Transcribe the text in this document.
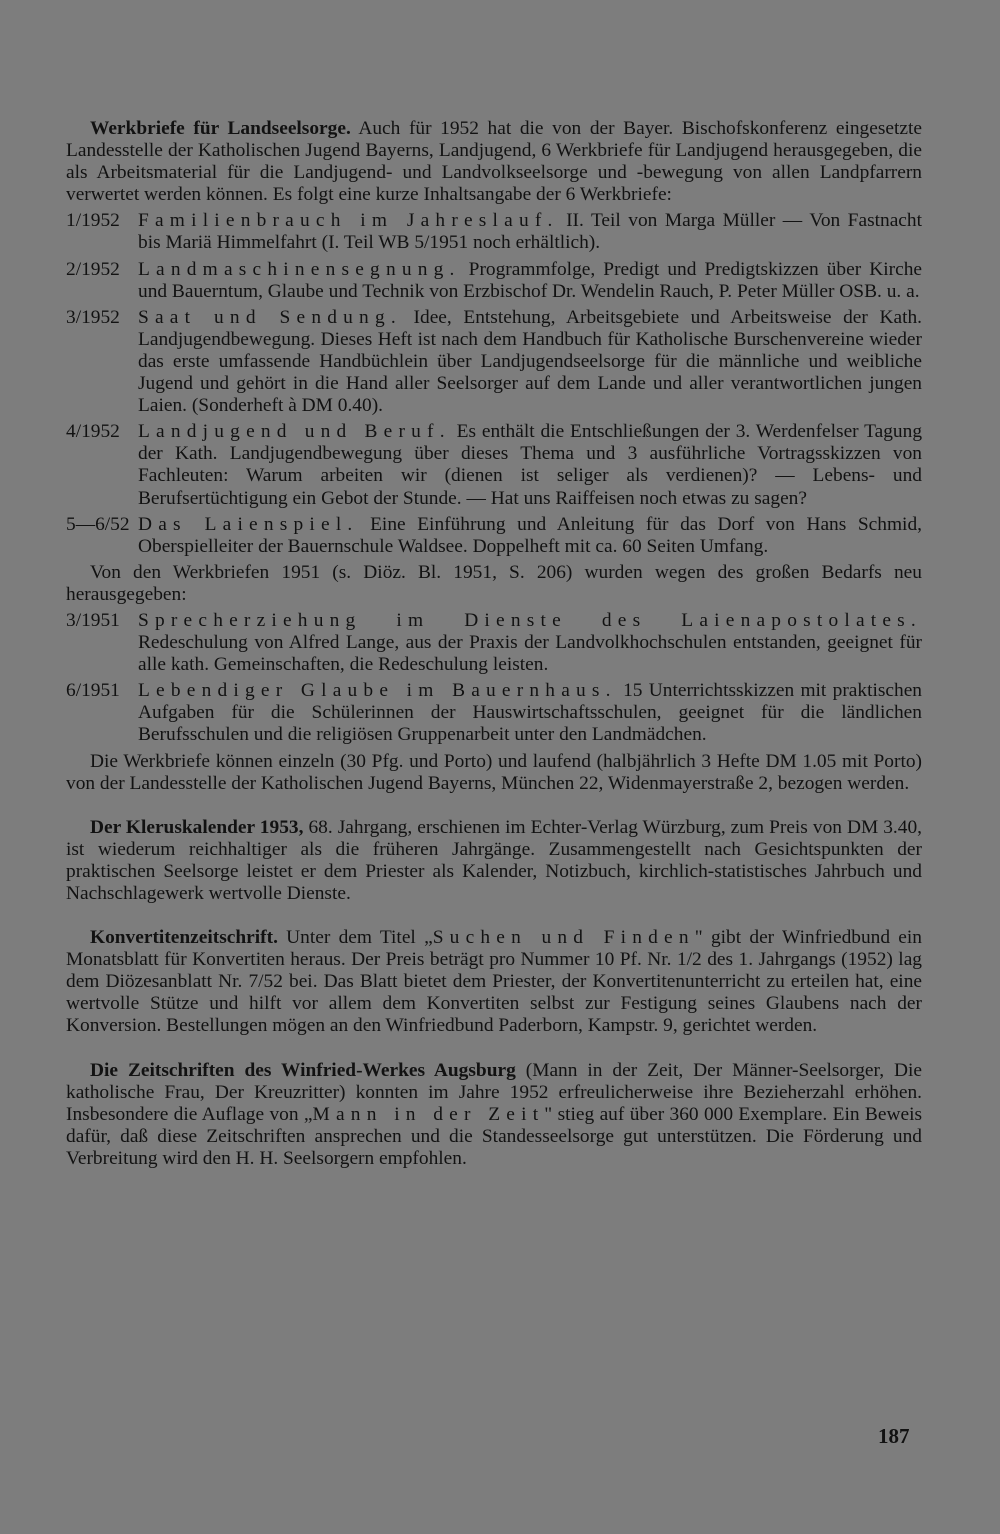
Werkbriefe für Landseelsorge. Auch für 1952 hat die von der Bayer. Bischofskonferenz eingesetzte Landesstelle der Katholischen Jugend Bayerns, Landjugend, 6 Werkbriefe für Landjugend herausgegeben, die als Arbeitsmaterial für die Landjugend- und Landvolkseelsorge und -bewegung von allen Landpfarrern verwertet werden können. Es folgt eine kurze Inhaltsangabe der 6 Werkbriefe:

1/1952 Familienbrauch im Jahreslauf. II. Teil von Marga Müller — Von Fastnacht bis Mariä Himmelfahrt (I. Teil WB 5/1951 noch erhältlich).
2/1952 Landmaschinensegnung. Programmfolge, Predigt und Predigtskizzen über Kirche und Bauerntum, Glaube und Technik von Erzbischof Dr. Wendelin Rauch, P. Peter Müller OSB. u. a.
3/1952 Saat und Sendung. Idee, Entstehung, Arbeitsgebiete und Arbeitsweise der Kath. Landjugendbewegung. Dieses Heft ist nach dem Handbuch für Katholische Burschenvereine wieder das erste umfassende Handbüchlein über Landjugendseelsorge für die männliche und weibliche Jugend und gehört in die Hand aller Seelsorger auf dem Lande und aller verantwortlichen jungen Laien. (Sonderheft à DM 0.40).
4/1952 Landjugend und Beruf. Es enthält die Entschließungen der 3. Werdenfelser Tagung der Kath. Landjugendbewegung über dieses Thema und 3 ausführliche Vortragsskizzen von Fachleuten: Warum arbeiten wir (dienen ist seliger als verdienen)? — Lebens- und Berufsertüchtigung ein Gebot der Stunde. — Hat uns Raiffeisen noch etwas zu sagen?
5—6/52 Das Laienspiel. Eine Einführung und Anleitung für das Dorf von Hans Schmid, Oberspielleiter der Bauernschule Waldsee. Doppelheft mit ca. 60 Seiten Umfang.

Von den Werkbriefen 1951 (s. Diöz. Bl. 1951, S. 206) wurden wegen des großen Bedarfs neu herausgegeben:

3/1951 Sprecherziehung im Dienste des Laienapostolates. Redeschulung von Alfred Lange, aus der Praxis der Landvolkhochschulen entstanden, geeignet für alle kath. Gemeinschaften, die Redeschulung leisten.
6/1951 Lebendiger Glaube im Bauernhaus. 15 Unterrichtsskizzen mit praktischen Aufgaben für die Schülerinnen der Hauswirtschaftsschulen, geeignet für die ländlichen Berufsschulen und die religiösen Gruppenarbeit unter den Landmädchen.

Die Werkbriefe können einzeln (30 Pfg. und Porto) und laufend (halbjährlich 3 Hefte DM 1.05 mit Porto) von der Landesstelle der Katholischen Jugend Bayerns, München 22, Widenmayerstraße 2, bezogen werden.

Der Kleruskalender 1953, 68. Jahrgang, erschienen im Echter-Verlag Würzburg, zum Preis von DM 3.40, ist wiederum reichhaltiger als die früheren Jahrgänge. Zusammengestellt nach Gesichtspunkten der praktischen Seelsorge leistet er dem Priester als Kalender, Notizbuch, kirchlich-statistisches Jahrbuch und Nachschlagewerk wertvolle Dienste.

Konvertitenzeitschrift. Unter dem Titel „Suchen und Finden" gibt der Winfriedbund ein Monatsblatt für Konvertiten heraus. Der Preis beträgt pro Nummer 10 Pf. Nr. 1/2 des 1. Jahrgangs (1952) lag dem Diözesanblatt Nr. 7/52 bei. Das Blatt bietet dem Priester, der Konvertitenunterricht zu erteilen hat, eine wertvolle Stütze und hilft vor allem dem Konvertiten selbst zur Festigung seines Glaubens nach der Konversion. Bestellungen mögen an den Winfriedbund Paderborn, Kampstr. 9, gerichtet werden.

Die Zeitschriften des Winfried-Werkes Augsburg (Mann in der Zeit, Der Männer-Seelsorger, Die katholische Frau, Der Kreuzritter) konnten im Jahre 1952 erfreulicherweise ihre Bezieherzahl erhöhen. Insbesondere die Auflage von „Mann in der Zeit" stieg auf über 360 000 Exemplare. Ein Beweis dafür, daß diese Zeitschriften ansprechen und die Standesseelsorge gut unterstützen. Die Förderung und Verbreitung wird den H. H. Seelsorgern empfohlen.

187
